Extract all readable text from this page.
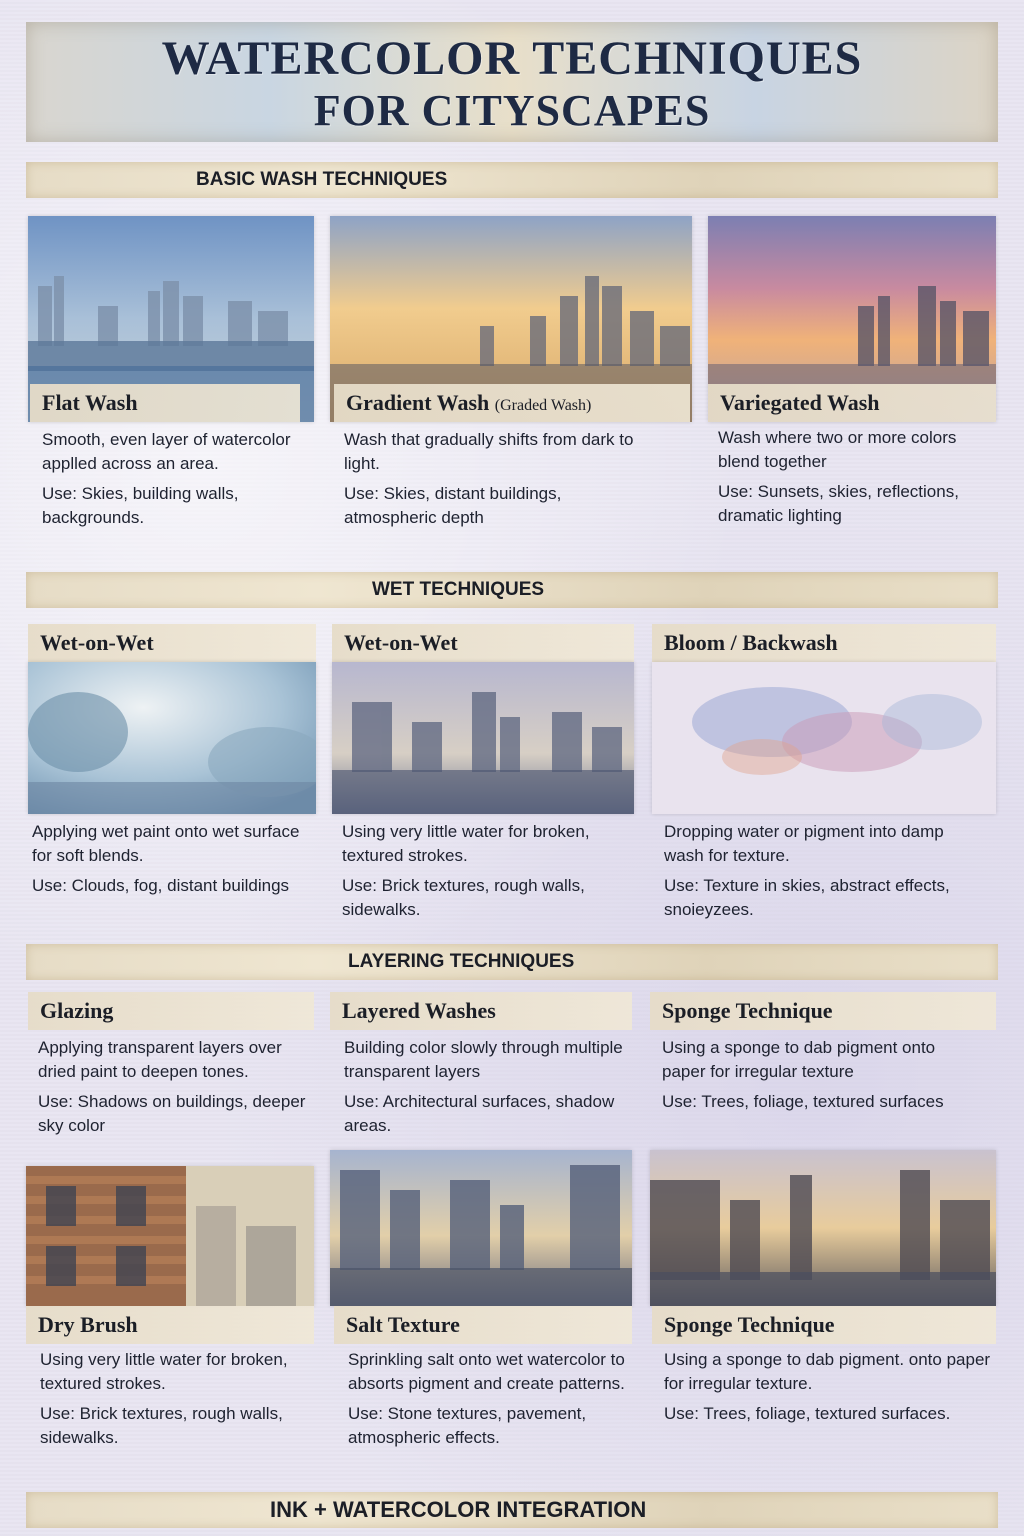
WATERCOLOR TECHNIQUES
FOR CITYSCAPES
BASIC WASH TECHNIQUES
Flat Wash

Smooth, even layer of watercolor applled across an area.

Use: Skies, building walls, backgrounds.

Gradient Wash (Graded Wash)

Wash that gradually shifts from dark to light.

Use: Skies, distant buildings, atmospheric depth

Variegated Wash

Wash where two or more colors blend together

Use: Sunsets, skies, reflections, dramatic lighting

WET TECHNIQUES
Wet-on-Wet

Applying wet paint onto wet surface for soft blends.

Use: Clouds, fog, distant buildings

Wet-on-Wet

Using very little water for broken, textured strokes.

Use: Brick textures, rough walls, sidewalks.

Bloom / Backwash

Dropping water or pigment into damp wash for texture.

Use: Texture in skies, abstract effects, snoieyzees.

LAYERING TECHNIQUES
Glazing

Applying transparent layers over dried paint to deepen tones.

Use: Shadows on buildings, deeper sky color

Layered Washes

Building color slowly through multiple transparent layers

Use: Architectural surfaces, shadow areas.

Sponge Technique

Using a sponge to dab pigment onto paper for irregular texture

Use: Trees, foliage, textured surfaces

Dry Brush

Using very little water for broken, textured strokes.

Use: Brick textures, rough walls, sidewalks.

Salt Texture

Sprinkling salt onto wet watercolor to absorts pigment and create patterns.

Use: Stone textures, pavement, atmospheric effects.

Sponge Technique

Using a sponge to dab pigment. onto paper for irregular texture.

Use: Trees, foliage, textured surfaces.

INK + WATERCOLOR INTEGRATION
